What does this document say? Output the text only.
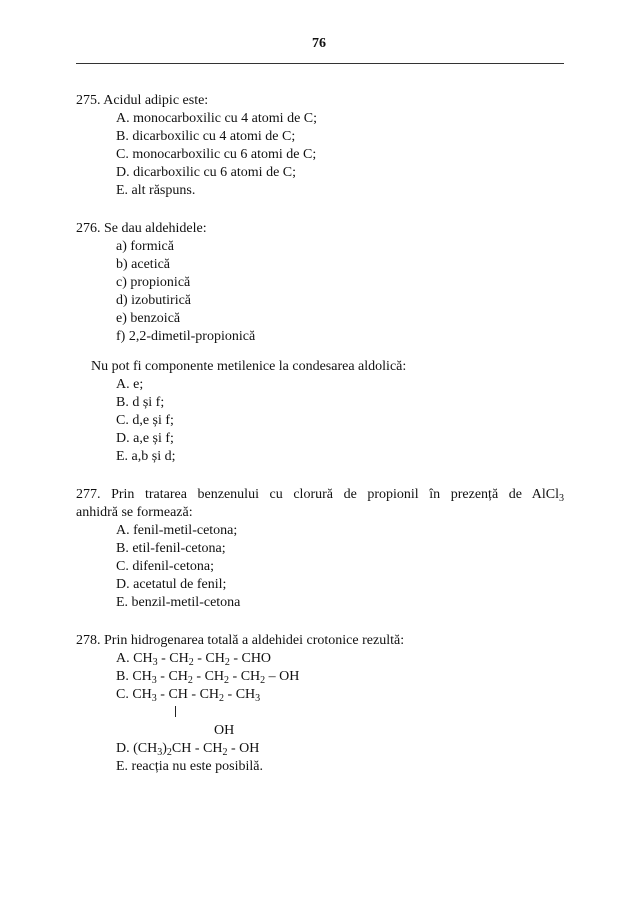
76

275. Acidul adipic este:

A. monocarboxilic cu 4 atomi de C;

B. dicarboxilic cu 4 atomi de C;

C. monocarboxilic cu 6 atomi de C;

D. dicarboxilic cu 6 atomi de C;

E. alt răspuns.

276. Se dau aldehidele:

a) formică

b) acetică

c) propionică

d) izobutirică

e) benzoică

f) 2,2-dimetil-propionică

Nu pot fi componente metilenice la condesarea aldolică:

A. e;

B. d și f;

C. d,e și f;

D. a,e și f;

E. a,b și d;

277. Prin tratarea benzenului cu clorură de propionil în prezență de AlCl$_3$

anhidră se formează:

A. fenil-metil-cetona;

B. etil-fenil-cetona;

C. difenil-cetona;

D. acetatul de fenil;

E. benzil-metil-cetona

278. Prin hidrogenarea totală a aldehidei crotonice rezultă:

A. $CH_3 - CH_2 - CH_2$ - CHO

B. $CH_3 - CH_2 - CH_2 - CH_2$ – OH

C. $CH_3$ - CH - $CH_2 - CH_3$

OH

D. $(CH_3)_2CH - CH_2$ - OH

E. reacția nu este posibilă.
